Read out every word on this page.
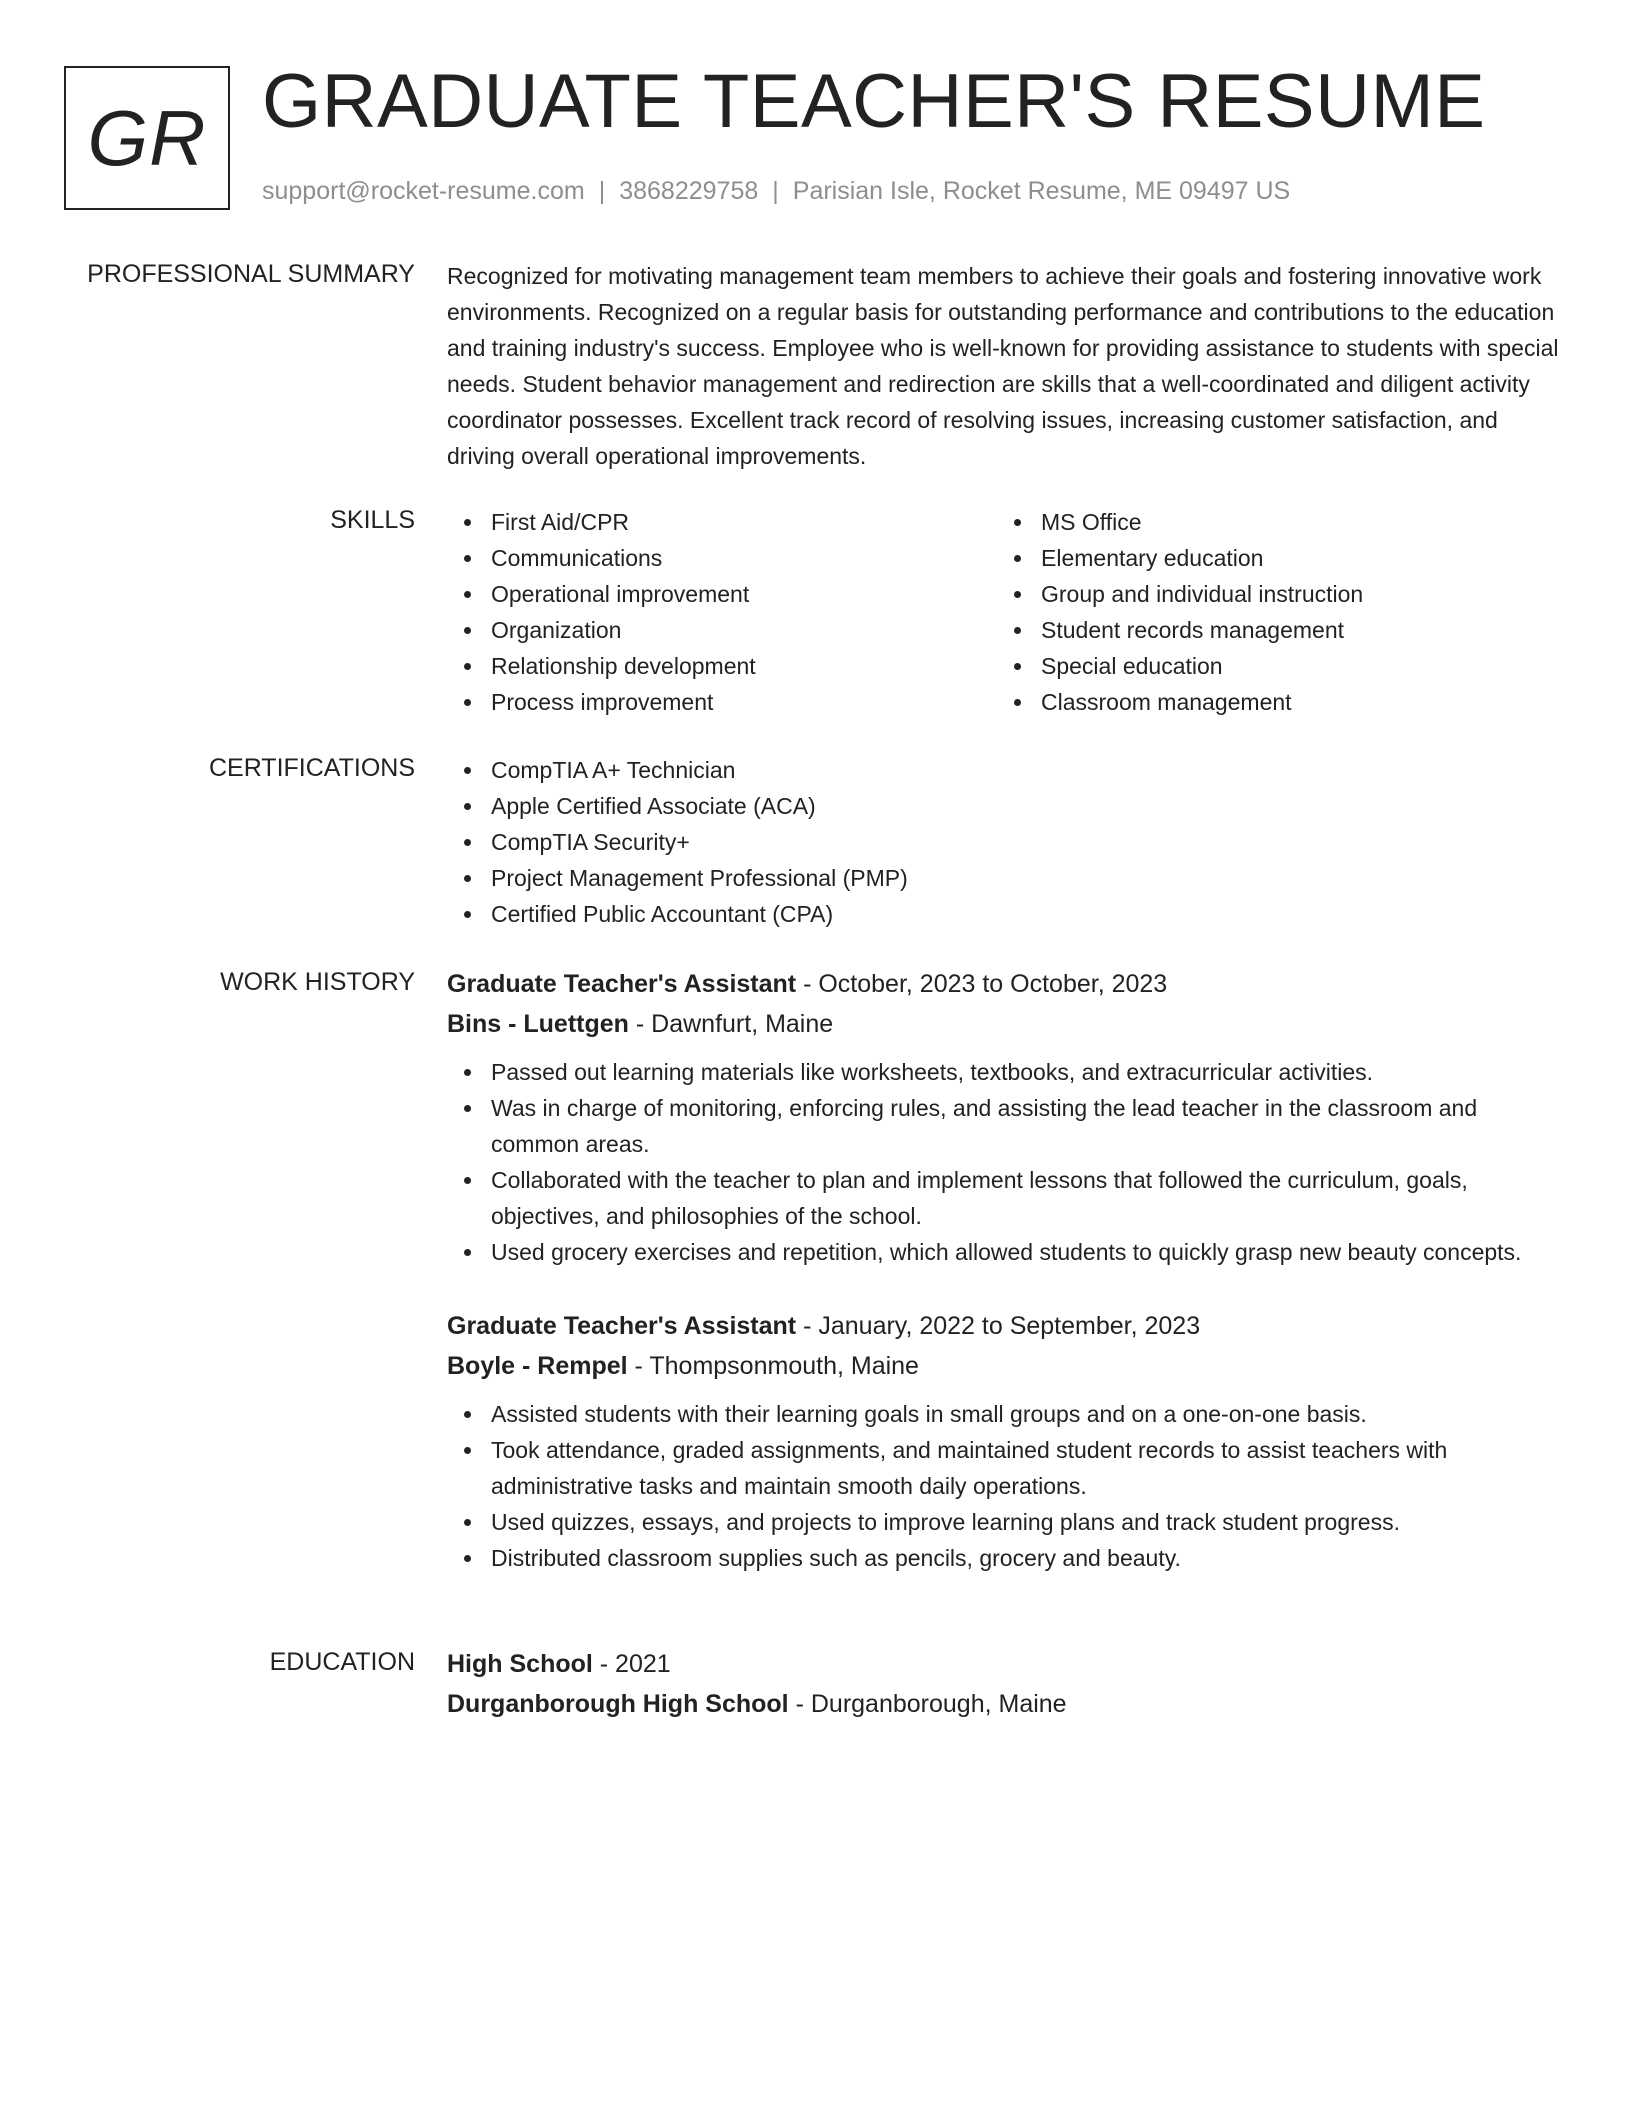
GR GRADUATE TEACHER'S RESUME
support@rocket-resume.com | 3868229758 | Parisian Isle, Rocket Resume, ME 09497 US
PROFESSIONAL SUMMARY Recognized for motivating management team members to achieve their goals and fostering innovative work environments. Recognized on a regular basis for outstanding performance and contributions to the education and training industry's success. Employee who is well-known for providing assistance to students with special needs. Student behavior management and redirection are skills that a well-coordinated and diligent activity coordinator possesses. Excellent track record of resolving issues, increasing customer satisfaction, and driving overall operational improvements.
SKILLS	First Aid/CPR
Communications
Operational improvement
Organization
Relationship development
Process improvement
MS Office
Elementary education
Group and individual instruction
Student records management
Special education
Classroom management
CERTIFICATIONS	CompTIA A+ Technician
Apple Certified Associate (ACA)
CompTIA Security+
Project Management Professional (PMP)
Certified Public Accountant (CPA)
WORK HISTORY Graduate Teacher's Assistant - October, 2023 to October, 2023
Bins - Luettgen - Dawnfurt, Maine
Passed out learning materials like worksheets, textbooks, and extracurricular activities.
Was in charge of monitoring, enforcing rules, and assisting the lead teacher in the classroom and common areas.
Collaborated with the teacher to plan and implement lessons that followed the curriculum, goals, objectives, and philosophies of the school.
Used grocery exercises and repetition, which allowed students to quickly grasp new beauty concepts.
Graduate Teacher's Assistant - January, 2022 to September, 2023
Boyle - Rempel - Thompsonmouth, Maine
Assisted students with their learning goals in small groups and on a one-on-one basis.
Took attendance, graded assignments, and maintained student records to assist teachers with administrative tasks and maintain smooth daily operations.
Used quizzes, essays, and projects to improve learning plans and track student progress.
Distributed classroom supplies such as pencils, grocery and beauty.
EDUCATION High School - 2021
Durganborough High School - Durganborough, Maine
